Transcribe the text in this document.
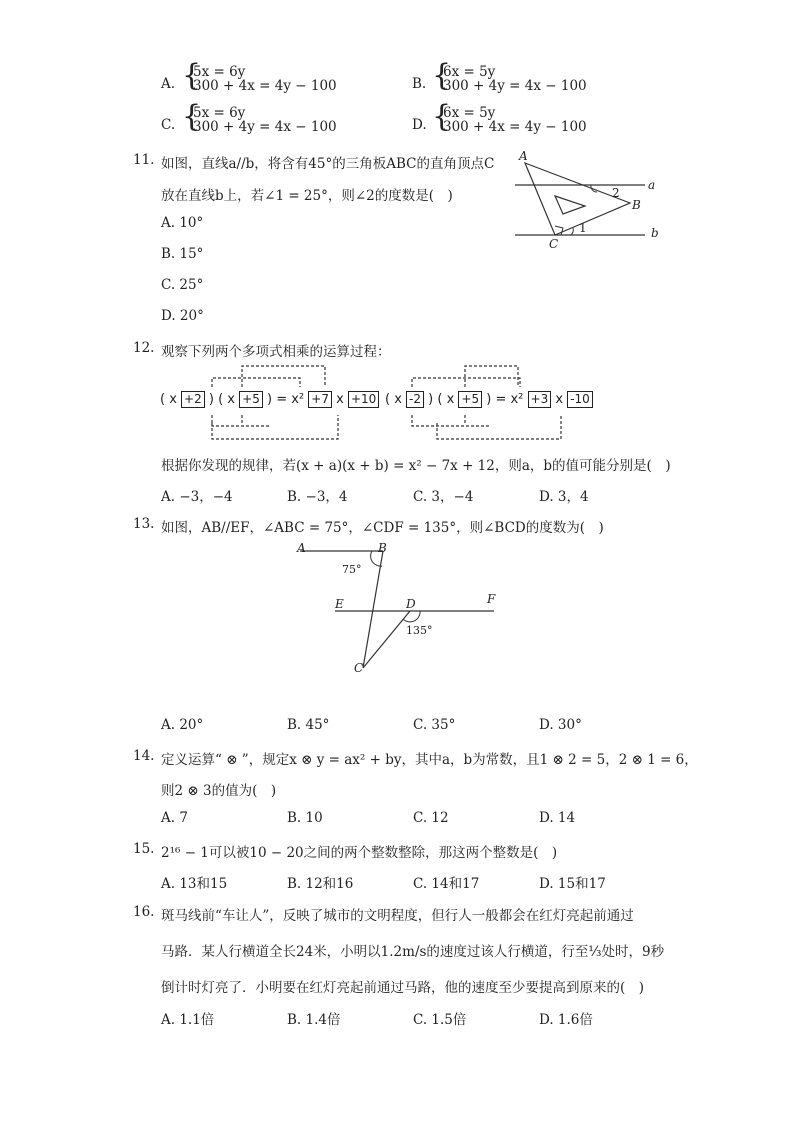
A. {
5x = 6y
300 + 4x = 4y − 100	B. {
6x = 5y
300 + 4y = 4x − 100
C. {
5x = 6y
300 + 4y = 4x − 100	D. {
6x = 5y
300 + 4x = 4y − 100
11. 如图，直线a//b，将含有45°的三角板ABC的直角顶点C
放在直线b上，若∠1 = 25°，则∠2的度数是(　)
A. 10°
B. 15°
C. 25°
D. 20°
A
B
C
a
b
1
2
12. 观察下列两个多项式相乘的运算过程：
( x +2 ) ( x +5 ) = x² +7 x +10 ( x -2 ) ( x +5 ) = x² +3 x -10
根据你发现的规律，若(x + a)(x + b) = x² − 7x + 12，则a，b的值可能分别是(　)
A. −3，−4	B. −3，4	C. 3，−4	D. 3，4
13. 如图，AB//EF，∠ABC = 75°，∠CDF = 135°，则∠BCD的度数为(　)
A	B
C
D
E	F
75°
135°
A. 20°	B. 45°	C. 35°	D. 30°
14. 定义运算“ ⊗ ”，规定x ⊗ y = ax² + by，其中a，b为常数，且1 ⊗ 2 = 5，2 ⊗ 1 = 6，
则2 ⊗ 3的值为(　)
A. 7	B. 10	C. 12	D. 14
15. 2¹⁶ − 1可以被10 − 20之间的两个整数整除，那这两个整数是(　)
A. 13和15	B. 12和16	C. 14和17	D. 15和17
16. 斑马线前“车让人”，反映了城市的文明程度，但行人一般都会在红灯亮起前通过
马路．某人行横道全长24米，小明以1.2m/s的速度过该人行横道，行至⅓处时，9秒
倒计时灯亮了．小明要在红灯亮起前通过马路，他的速度至少要提高到原来的(　)
A. 1.1倍	B. 1.4倍	C. 1.5倍	D. 1.6倍
